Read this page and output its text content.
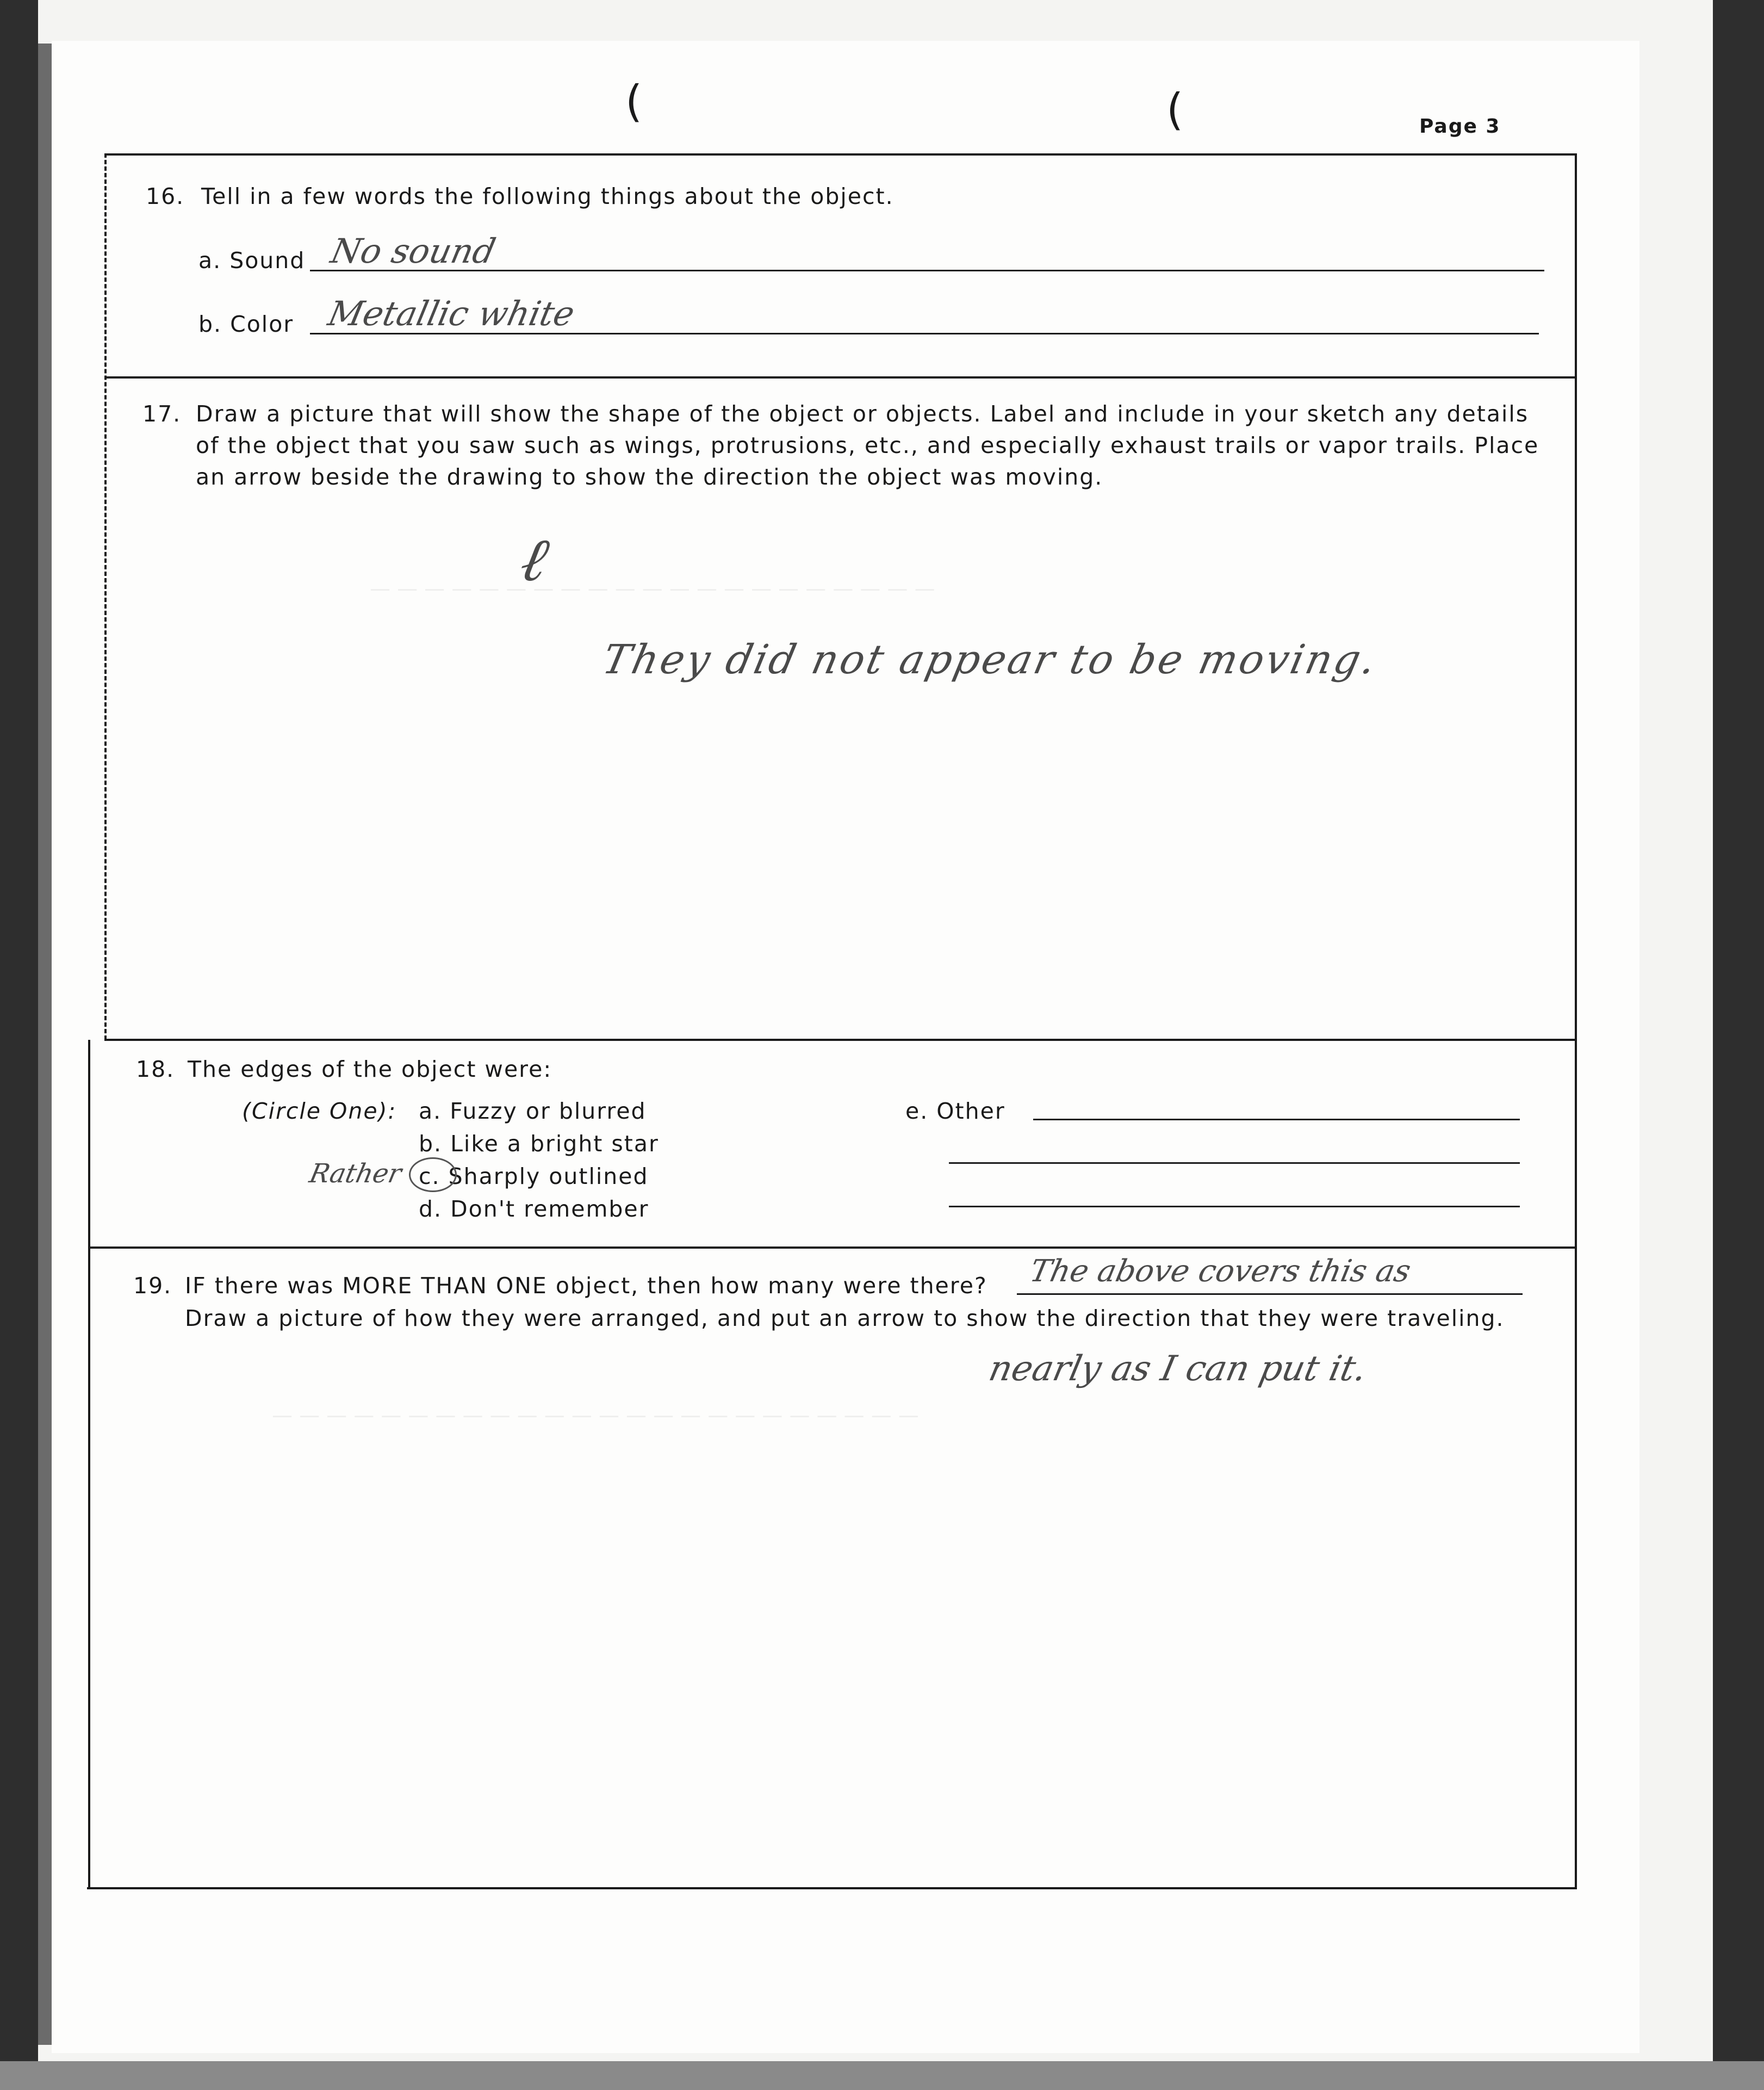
— — — — — — — — — — — — — — — — — — — — —
— — — — — — — — — — — — — — — — — — — — — — — —
Page 3
(	(
16. Tell in a few words the following things about the object.
a. Sound No sound
b. Color Metallic white
17. Draw a picture that will show the shape of the object or objects. Label and include in your sketch any details
of the object that you saw such as wings, protrusions, etc., and especially exhaust trails or vapor trails. Place
an arrow beside the drawing to show the direction the object was moving.
ℓ
They did not appear to be moving.
18. The edges of the object were:
(Circle One): a. Fuzzy or blurred
b. Like a bright star
c. Sharply outlined
d. Don't remember
Rather
e. Other
19. IF there was MORE THAN ONE object, then how many were there? The above covers this as
Draw a picture of how they were arranged, and put an arrow to show the direction that they were traveling.
nearly as I can put it.
